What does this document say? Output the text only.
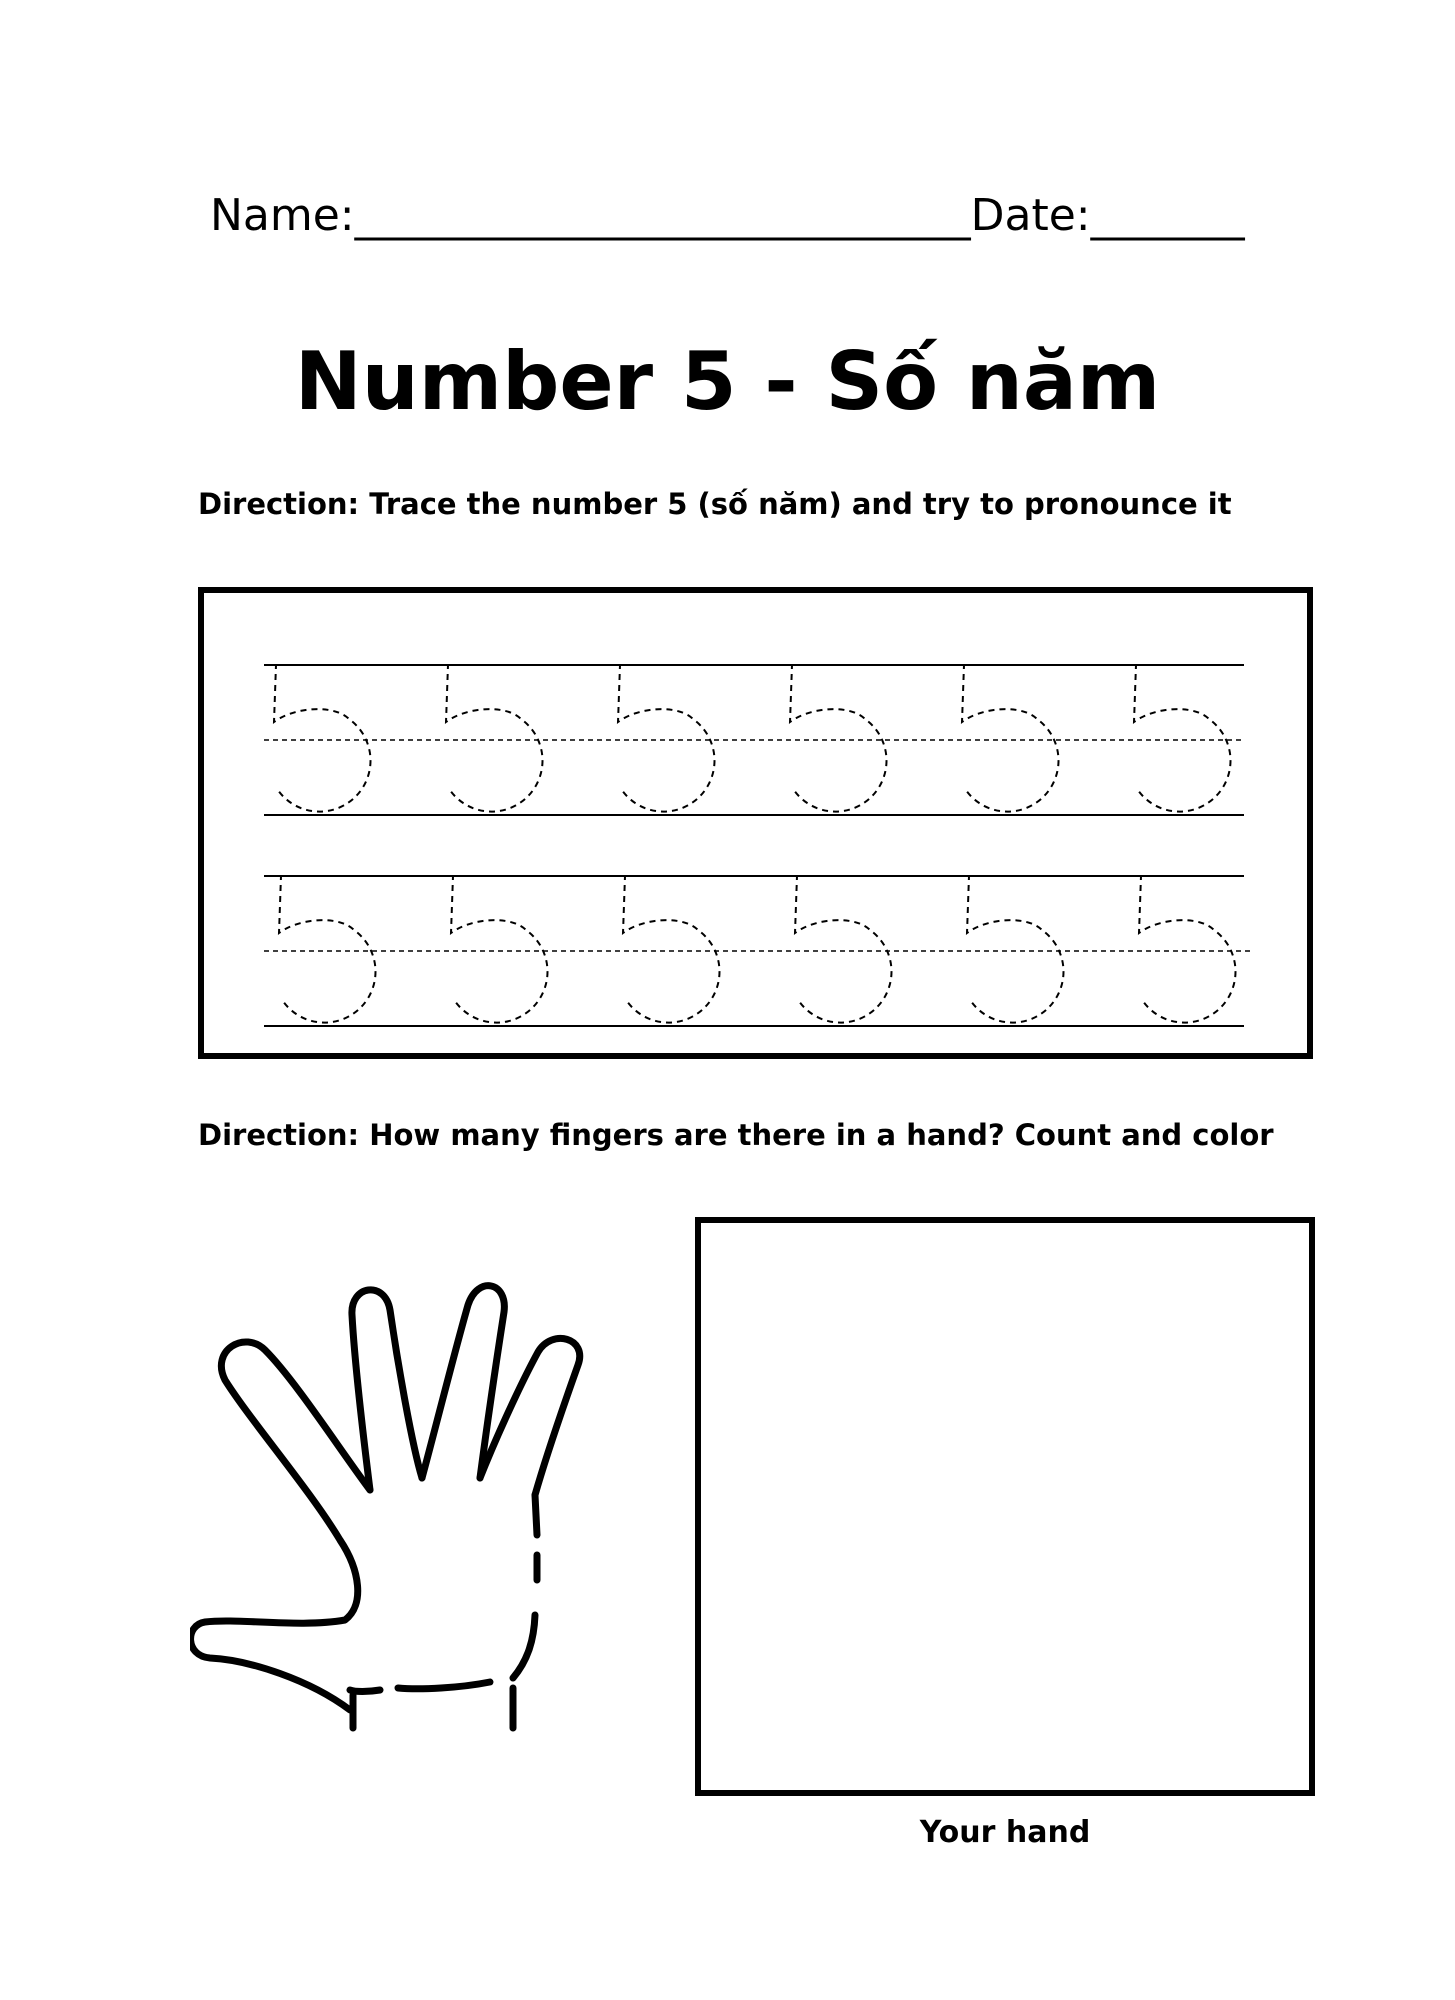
Name:____________________________Date:_______
Number 5 - Số năm
Direction: Trace the number 5 (số năm) and try to pronounce it
Direction: How many fingers are there in a hand? Count and color
Your hand
